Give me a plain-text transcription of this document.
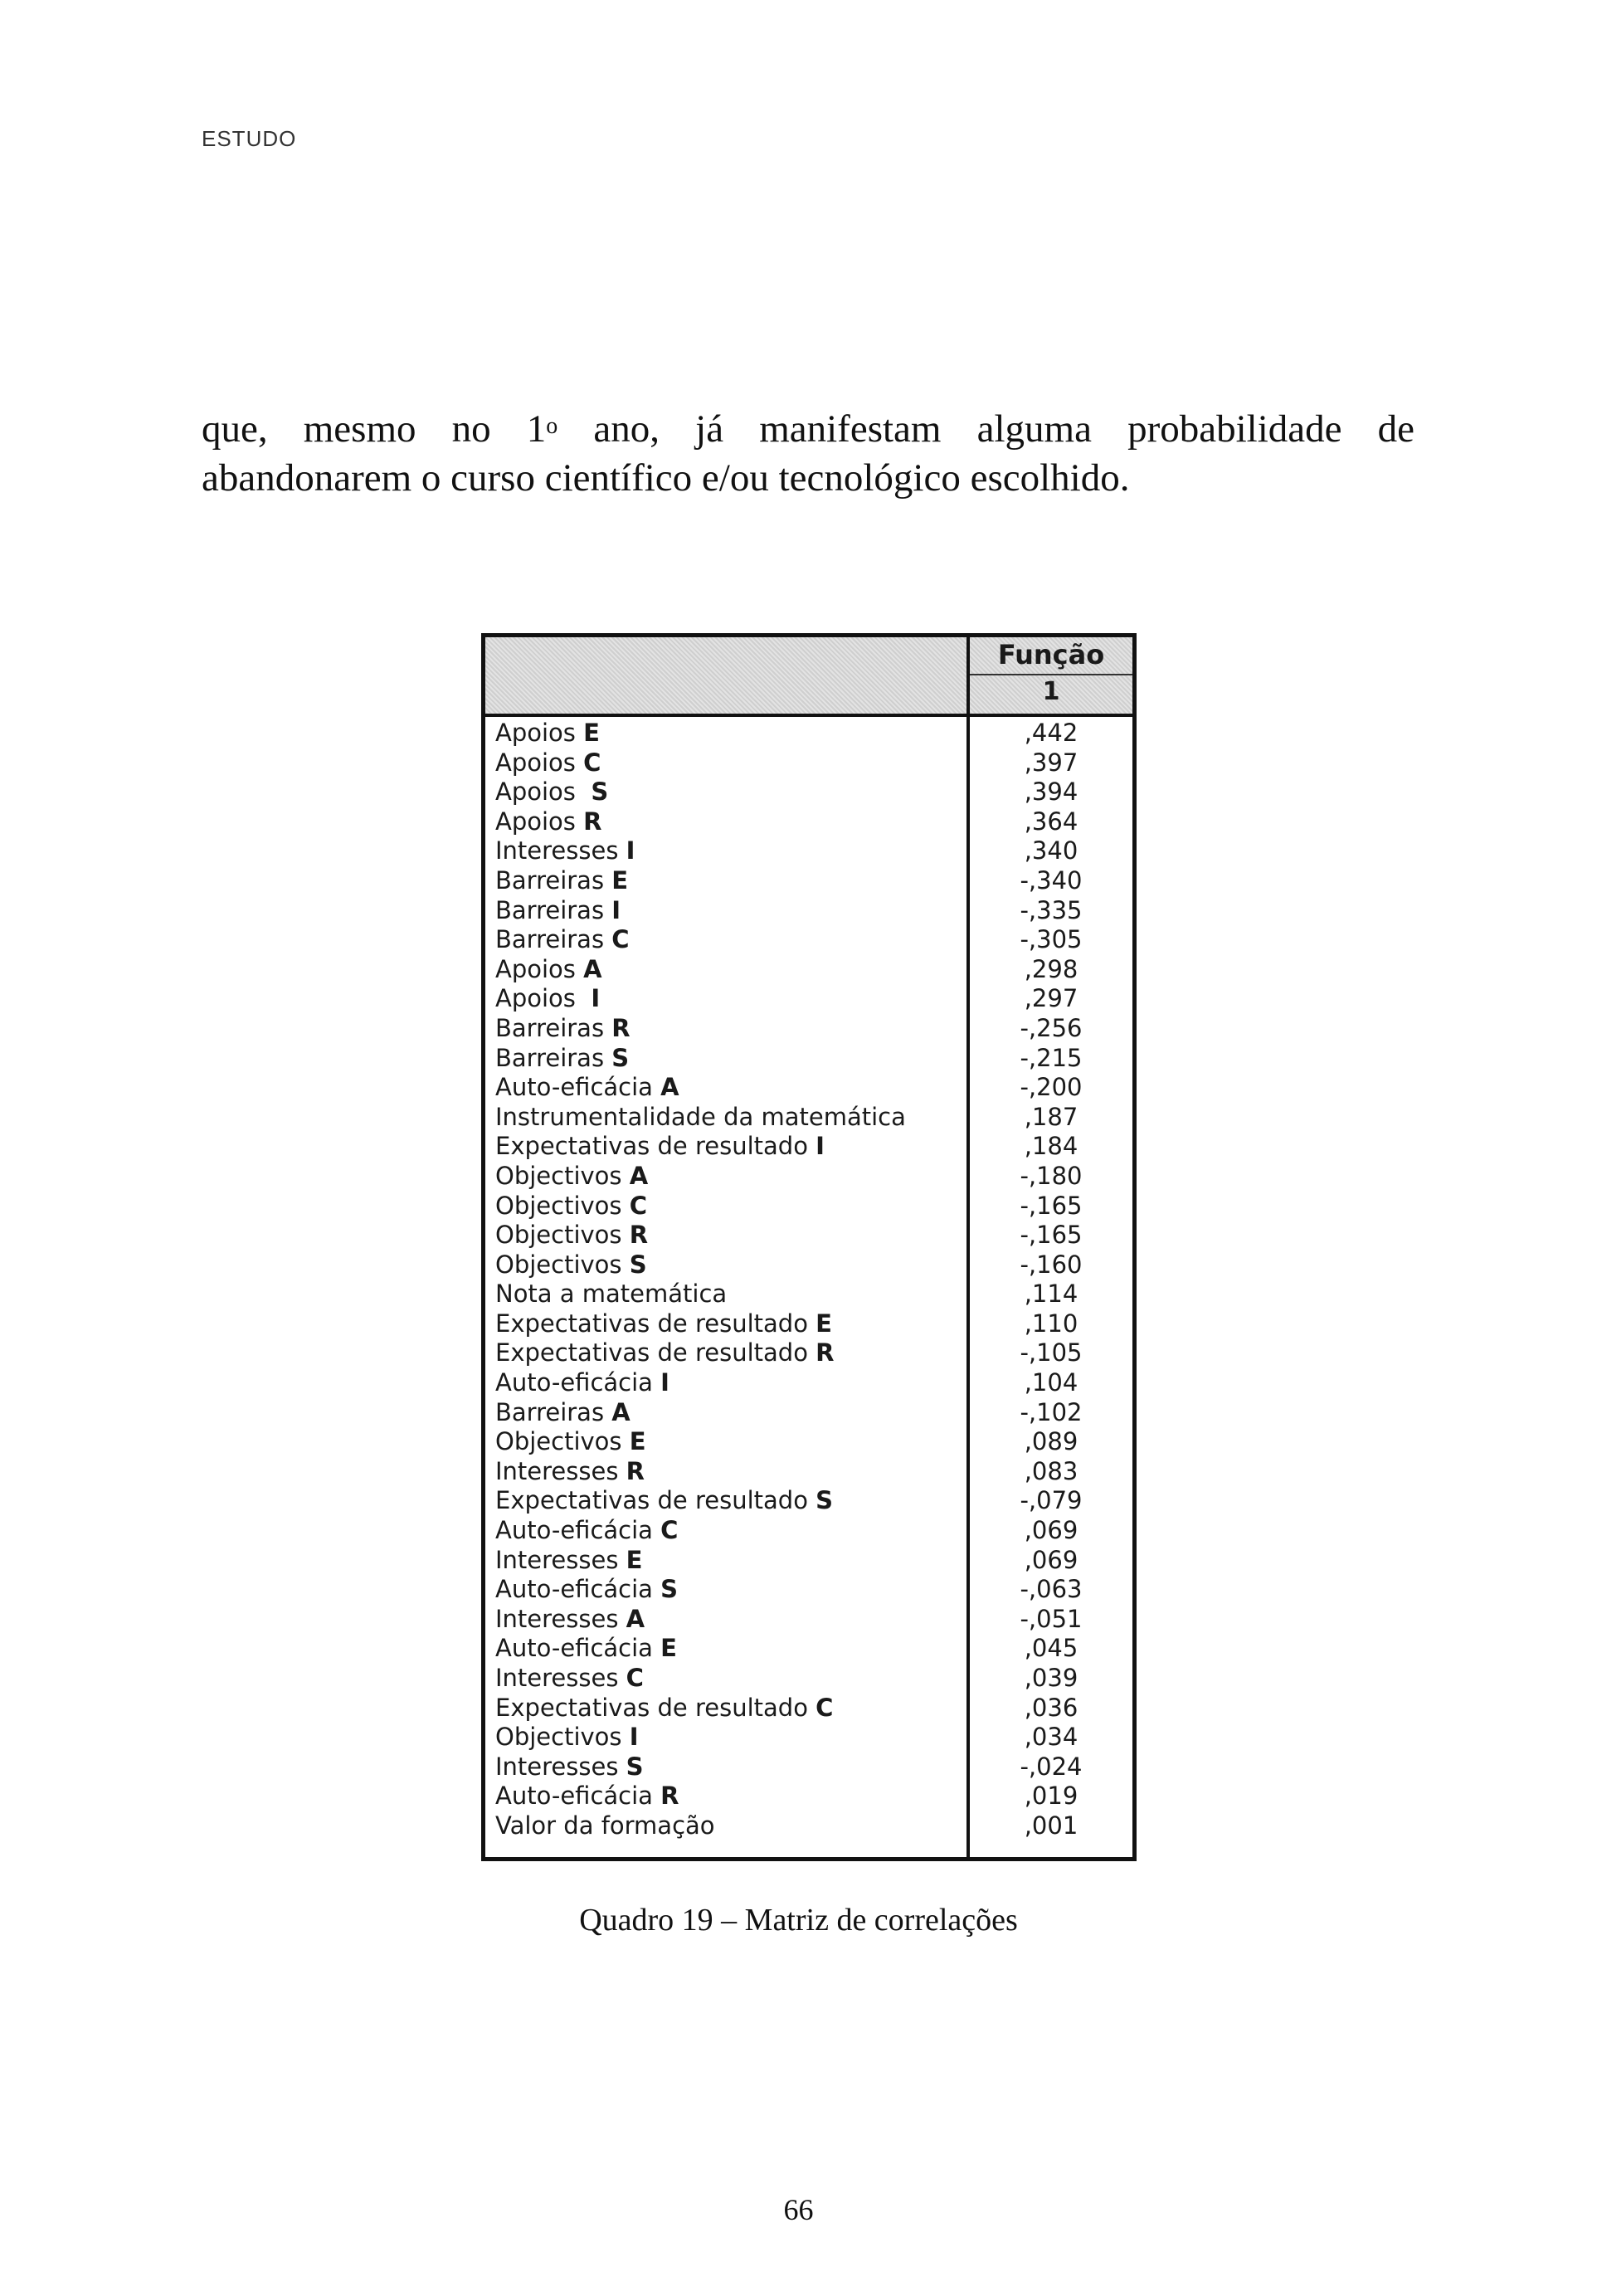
ESTUDO
que, mesmo no 1$^o$ ano, já manifestam alguma probabilidade de
abandonarem o curso científico e/ou tecnológico escolhido.
Função
1
Apoios E	,442
Apoios C	,397
Apoios  S	,394
Apoios R	,364
Interesses I	,340
Barreiras E	-,340
Barreiras I	-,335
Barreiras C	-,305
Apoios A	,298
Apoios  I	,297
Barreiras R	-,256
Barreiras S	-,215
Auto-eficácia A	-,200
Instrumentalidade da matemática	,187
Expectativas de resultado I	,184
Objectivos A	-,180
Objectivos C	-,165
Objectivos R	-,165
Objectivos S	-,160
Nota a matemática	,114
Expectativas de resultado E	,110
Expectativas de resultado R	-,105
Auto-eficácia I	,104
Barreiras A	-,102
Objectivos E	,089
Interesses R	,083
Expectativas de resultado S	-,079
Auto-eficácia C	,069
Interesses E	,069
Auto-eficácia S	-,063
Interesses A	-,051
Auto-eficácia E	,045
Interesses C	,039
Expectativas de resultado C	,036
Objectivos I	,034
Interesses S	-,024
Auto-eficácia R	,019
Valor da formação	,001
Quadro 19 – Matriz de correlações
66
